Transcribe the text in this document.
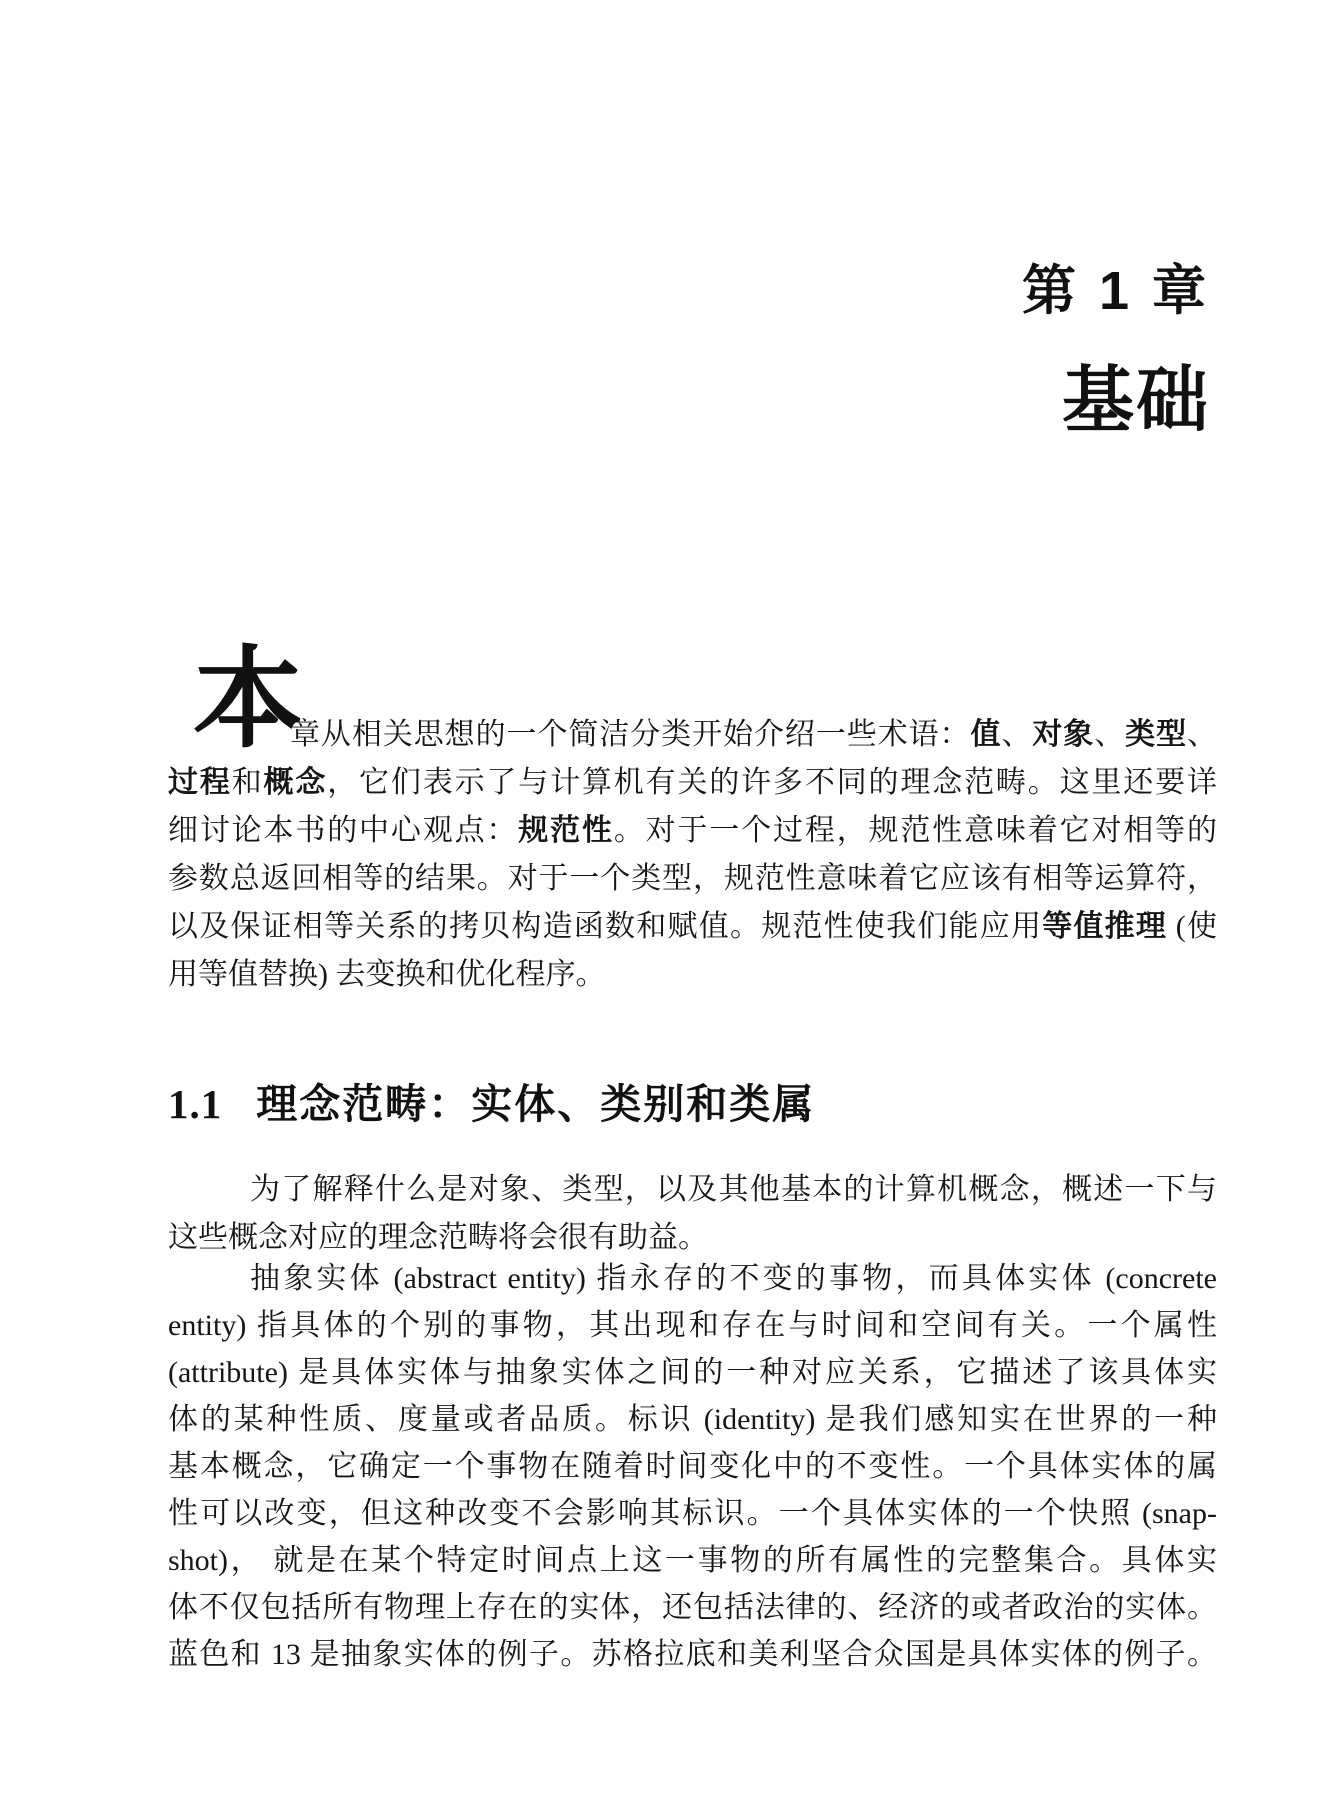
第 1 章
基础
本
章从相关思想的一个简洁分类开始介绍一些术语：值、对象、类型、
过程和概念，它们表示了与计算机有关的许多不同的理念范畴。这里还要详
细讨论本书的中心观点：规范性。对于一个过程，规范性意味着它对相等的
参数总返回相等的结果。对于一个类型，规范性意味着它应该有相等运算符，
以及保证相等关系的拷贝构造函数和赋值。规范性使我们能应用等值推理 (使
用等值替换) 去变换和优化程序。
1.1 理念范畴：实体、类别和类属
为了解释什么是对象、类型，以及其他基本的计算机概念，概述一下与
这些概念对应的理念范畴将会很有助益。
抽象实体 (abstract entity) 指永存的不变的事物，而具体实体 (concrete
entity) 指具体的个别的事物，其出现和存在与时间和空间有关。一个属性
(attribute) 是具体实体与抽象实体之间的一种对应关系，它描述了该具体实
体的某种性质、度量或者品质。标识 (identity) 是我们感知实在世界的一种
基本概念，它确定一个事物在随着时间变化中的不变性。一个具体实体的属
性可以改变，但这种改变不会影响其标识。一个具体实体的一个快照 (snap-
shot)， 就是在某个特定时间点上这一事物的所有属性的完整集合。具体实
体不仅包括所有物理上存在的实体，还包括法律的、经济的或者政治的实体。
蓝色和 13 是抽象实体的例子。苏格拉底和美利坚合众国是具体实体的例子。
